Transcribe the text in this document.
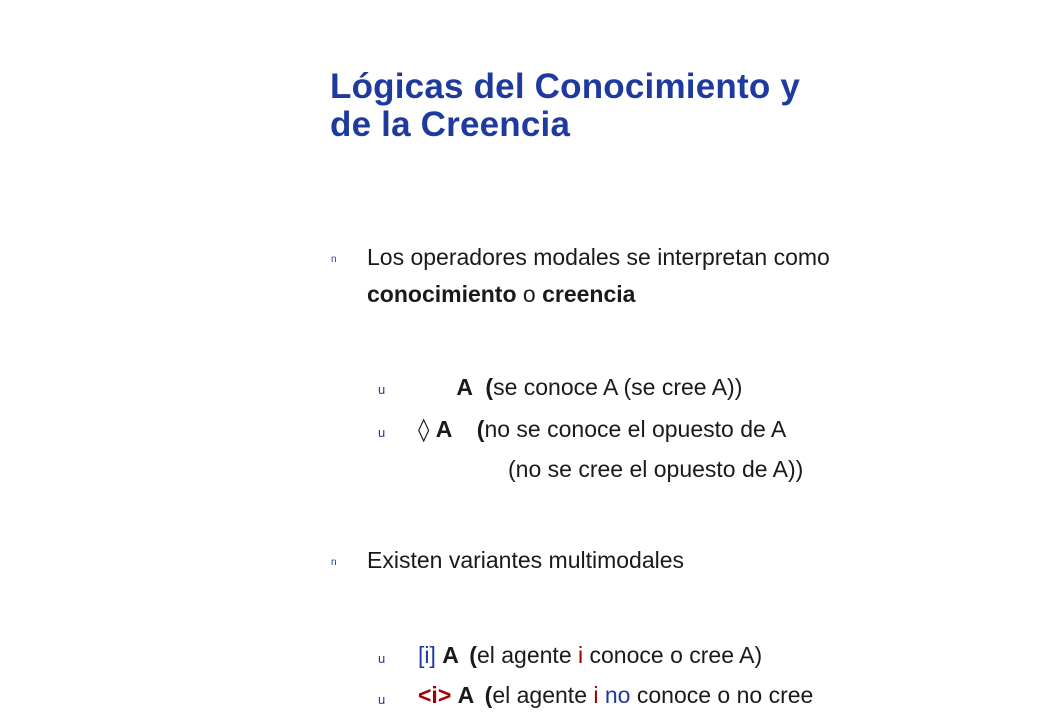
Lógicas del Conocimiento y
de la Creencia
n Los operadores modales se interpretan como
conocimiento o creencia
u	A (se conoce A (se cree A))
u ◊ A (no se conoce el opuesto de A
(no se cree el opuesto de A))
n Existen variantes multimodales
u [i] A (el agente i conoce o cree A)
u <i> A (el agente i no conoce o no cree
